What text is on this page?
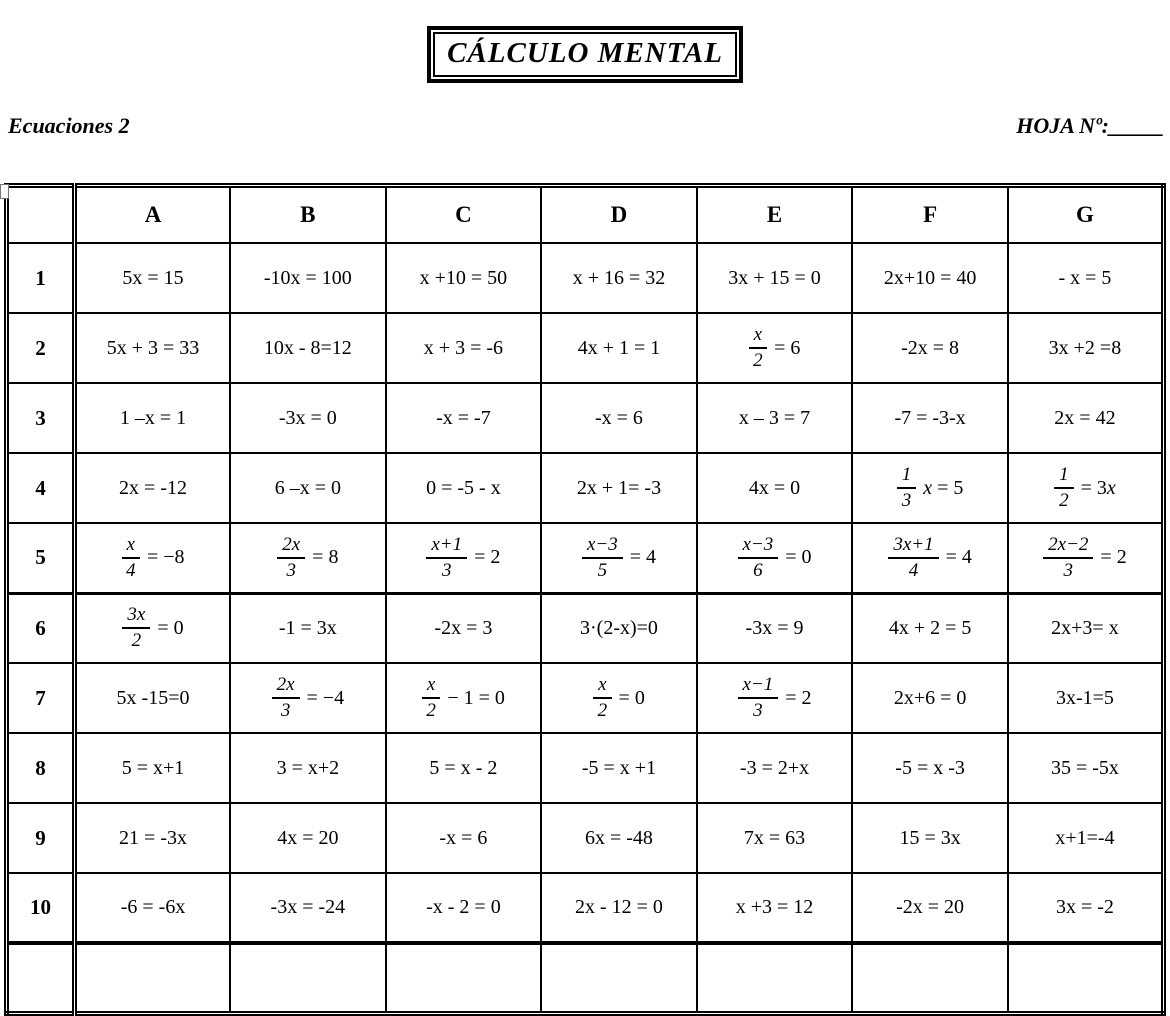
CÁLCULO MENTAL
Ecuaciones 2	HOJA Nº:_____
	A	B	C	D	E	F	G
1	5x = 15	-10x = 100	x +10 = 50	x + 16 = 32	3x + 15 = 0	2x+10 = 40	- x = 5
2	5x + 3 = 33	10x - 8=12	x + 3 = -6	4x + 1 = 1	$\frac{x}{2} = 6$	-2x = 8	3x +2 =8
3	1 –x = 1	-3x = 0	-x = -7	-x = 6	x – 3 = 7	-7 = -3-x	2x = 42
4	2x = -12	6 –x = 0	0 = -5 - x	2x + 1= -3	4x = 0	$\frac{1}{3}$ x = 5	$\frac{1}{2} = 3x$
5	$\frac{x}{4} = -8$	$\frac{2x}{3} = 8$	$\frac{x+1}{3} = 2$	$\frac{x-3}{5} = 4$	$\frac{x-3}{6} = 0$	$\frac{3x+1}{4} = 4$	$\frac{2x-2}{3} = 2$
6	$\frac{3x}{2} = 0$	-1 = 3x	-2x = 3	3·(2-x)=0	-3x = 9	4x + 2 = 5	2x+3= x
7	5x -15=0	$\frac{2x}{3} = -4$	$\frac{x}{2} - 1 = 0$	$\frac{x}{2} = 0$	$\frac{x-1}{3} = 2$	2x+6 = 0	3x-1=5
8	5 = x+1	3 = x+2	5 = x - 2	-5 = x +1	-3 = 2+x	-5 = x -3	35 = -5x
9	21 = -3x	4x = 20	-x = 6	6x = -48	7x = 63	15 = 3x	x+1=-4
10	-6 = -6x	-3x = -24	-x - 2 = 0	2x - 12 = 0	x +3 = 12	-2x = 20	3x = -2
